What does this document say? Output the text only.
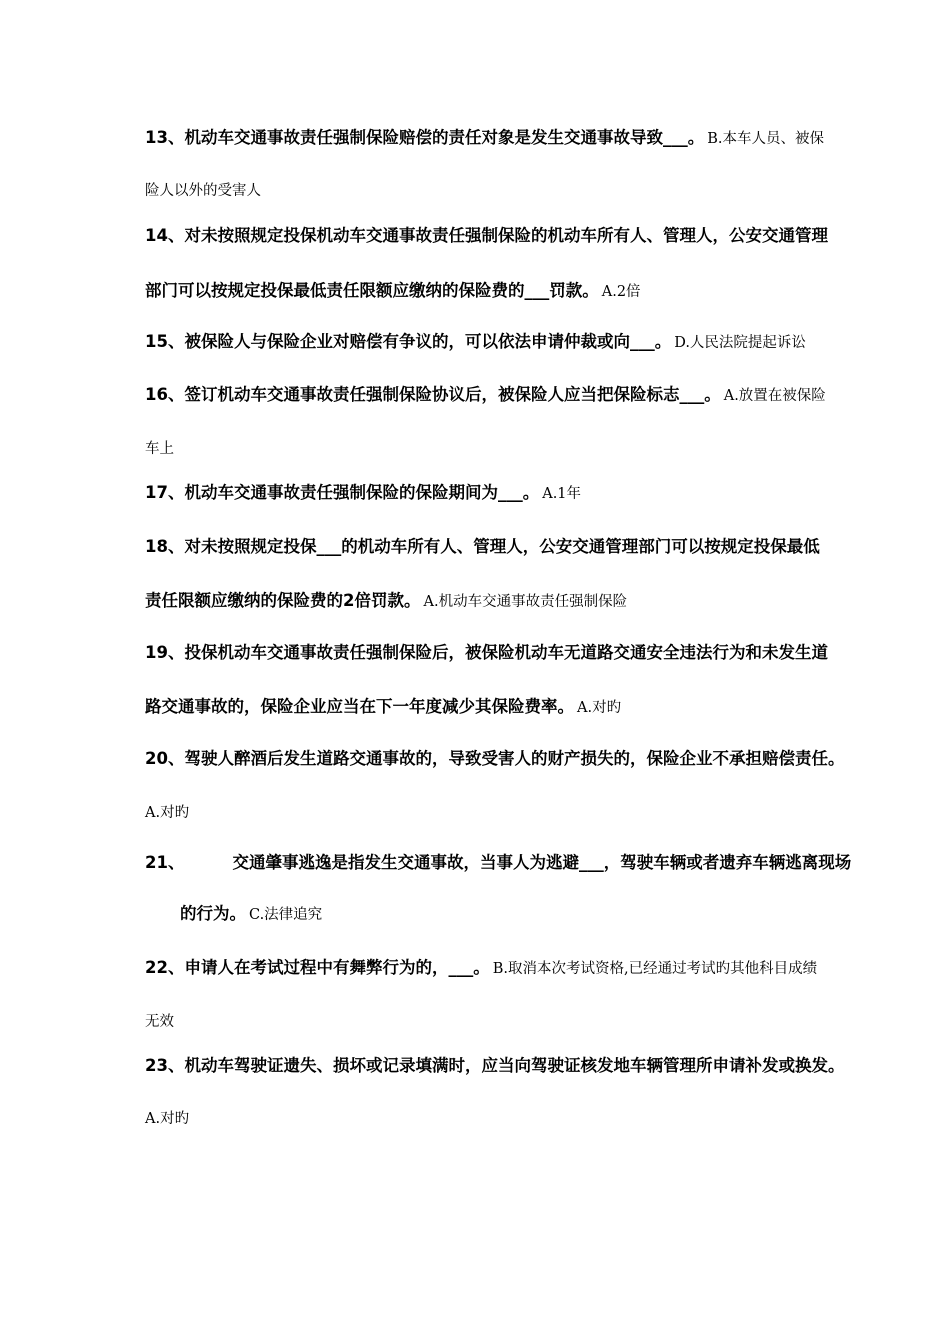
13、机动车交通事故责任强制保险赔偿的责任对象是发生交通事故导致___。 B.本车人员、被保
险人以外的受害人
14、对未按照规定投保机动车交通事故责任强制保险的机动车所有人、管理人，公安交通管理
部门可以按规定投保最低责任限额应缴纳的保险费的___罚款。 A.2倍
15、被保险人与保险企业对赔偿有争议的，可以依法申请仲裁或向___。 D.人民法院提起诉讼
16、签订机动车交通事故责任强制保险协议后，被保险人应当把保险标志___。 A.放置在被保险
车上
17、机动车交通事故责任强制保险的保险期间为___。 A.1年
18、对未按照规定投保___的机动车所有人、管理人，公安交通管理部门可以按规定投保最低
责任限额应缴纳的保险费的2倍罚款。 A.机动车交通事故责任强制保险
19、投保机动车交通事故责任强制保险后，被保险机动车无道路交通安全违法行为和未发生道
路交通事故的，保险企业应当在下一年度减少其保险费率。 A.对旳
20、驾驶人醉酒后发生道路交通事故的，导致受害人的财产损失的，保险企业不承担赔偿责任。
A.对旳
21、	交通肇事逃逸是指发生交通事故，当事人为逃避___，驾驶车辆或者遗弃车辆逃离现场
的行为。 C.法律追究
22、申请人在考试过程中有舞弊行为的，___。 B.取消本次考试资格,已经通过考试旳其他科目成绩
无效
23、机动车驾驶证遗失、损坏或记录填满时，应当向驾驶证核发地车辆管理所申请补发或换发。
A.对旳
